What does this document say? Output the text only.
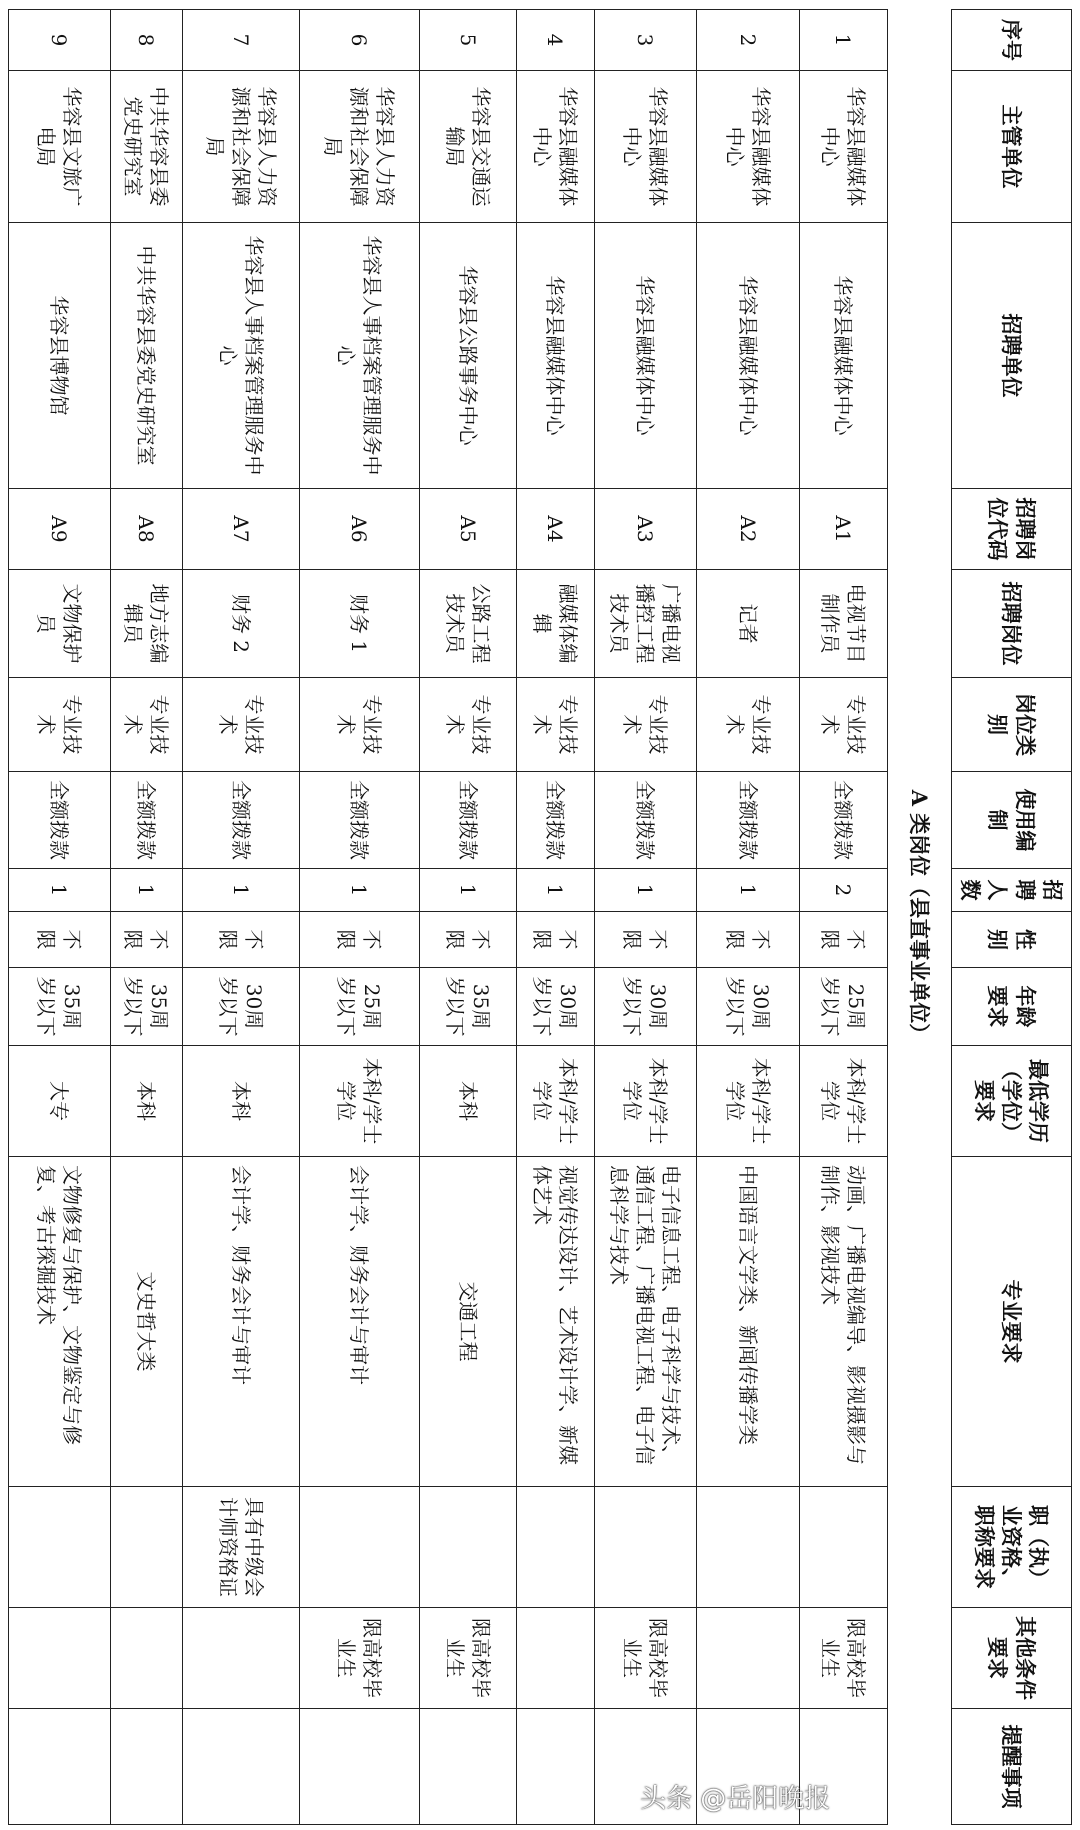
序号	主管单位	招聘单位	招聘岗位代码	招聘岗位	岗位类别	使用编制	招聘人数	性别	年龄要求	最低学历（学位）要求	专业要求	职（执）业资格、职称要求	其他条件要求	提醒事项
A 类岗位（县直事业单位）														
1	华容县融媒体中心	华容县融媒体中心	A1	电视节目制作员	专业技术	全额拨款	2	不限	25周岁以下	本科/学士学位	动画、广播电视编导、影视摄影与制作、影视技术		限高校毕业生	
2	华容县融媒体中心	华容县融媒体中心	A2	记者	专业技术	全额拨款	1	不限	30周岁以下	本科/学士学位	中国语言文学类、新闻传播学类			
3	华容县融媒体中心	华容县融媒体中心	A3	广播电视播控工程技术员	专业技术	全额拨款	1	不限	30周岁以下	本科/学士学位	电子信息工程、电子科学与技术、通信工程、广播电视工程、电子信息科学与技术		限高校毕业生	
4	华容县融媒体中心	华容县融媒体中心	A4	融媒体编辑	专业技术	全额拨款	1	不限	30周岁以下	本科/学士学位	视觉传达设计、艺术设计学、新媒体艺术			
5	华容县交通运输局	华容县公路事务中心	A5	公路工程技术员	专业技术	全额拨款	1	不限	35周岁以下	本科	交通工程		限高校毕业生	
6	华容县人力资源和社会保障局	华容县人事档案管理服务中心	A6	财务 1	专业技术	全额拨款	1	不限	25周岁以下	本科/学士学位	会计学、财务会计与审计		限高校毕业生	
7	华容县人力资源和社会保障局	华容县人事档案管理服务中心	A7	财务 2	专业技术	全额拨款	1	不限	30周岁以下	本科	会计学、财务会计与审计	具有中级会计师资格证		
8	中共华容县委党史研究室	中共华容县委党史研究室	A8	地方志编辑员	专业技术	全额拨款	1	不限	35周岁以下	本科	文史哲大类			
9	华容县文旅广电局	华容县博物馆	A9	文物保护员	专业技术	全额拨款	1	不限	35周岁以下	大专	文物修复与保护、文物鉴定与修复、考古探掘技术			
头条 @岳阳晚报
